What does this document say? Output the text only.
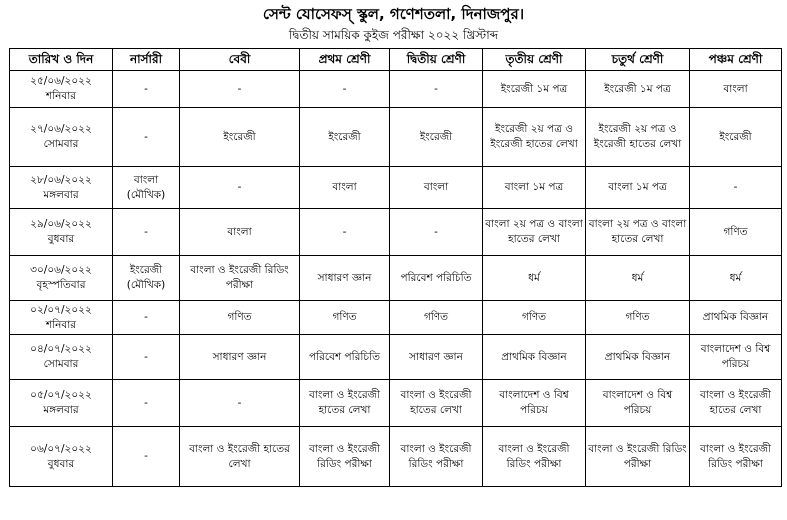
সেন্ট যোসেফস্ স্কুল, গণেশতলা, দিনাজপুর।
দ্বিতীয় সাময়িক কুইজ পরীক্ষা ২০২২ খ্রিস্টাব্দ
তারিখ ও দিন	নার্সারী	বেবী	প্রথম শ্রেণী	দ্বিতীয় শ্রেণী	তৃতীয় শ্রেণী	চতুর্থ শ্রেণী	পঞ্চম শ্রেণী

২৫/০৬/২০২২
শনিবার	-	-	-	-	ইংরেজী ১ম পত্র	ইংরেজী ১ম পত্র	বাংলা

২৭/০৬/২০২২
সোমবার	-	ইংরেজী	ইংরেজী	ইংরেজী	ইংরেজী ২য় পত্র ও ইংরেজী হাতের লেখা	ইংরেজী ২য় পত্র ও ইংরেজী হাতের লেখা	ইংরেজী

২৮/০৬/২০২২
মঙ্গলবার	বাংলা (মৌখিক)	-	বাংলা	বাংলা	বাংলা ১ম পত্র	বাংলা ১ম পত্র	-

২৯/০৬/২০২২
বুধবার	-	বাংলা	-	-	বাংলা ২য় পত্র ও বাংলা হাতের লেখা	বাংলা ২য় পত্র ও বাংলা হাতের লেখা	গণিত

৩০/০৬/২০২২
বৃহস্পতিবার	ইংরেজী (মৌখিক)	বাংলা ও ইংরেজী রিডিং পরীক্ষা	সাধারণ জ্ঞান	পরিবেশ পরিচিতি	ধর্ম	ধর্ম	ধর্ম

০২/০৭/২০২২
শনিবার	-	গণিত	গণিত	গণিত	গণিত	গণিত	প্রাথমিক বিজ্ঞান

০৪/০৭/২০২২
সোমবার	-	সাধারণ জ্ঞান	পরিবেশ পরিচিতি	সাধারণ জ্ঞান	প্রাথমিক বিজ্ঞান	প্রাথমিক বিজ্ঞান	বাংলাদেশ ও বিশ্ব পরিচয়

০৫/০৭/২০২২
মঙ্গলবার	-	-	বাংলা ও ইংরেজী হাতের লেখা	বাংলা ও ইংরেজী হাতের লেখা	বাংলাদেশ ও বিশ্ব পরিচয়	বাংলাদেশ ও বিশ্ব পরিচয়	বাংলা ও ইংরেজী হাতের লেখা

০৬/০৭/২০২২
বুধবার	-	বাংলা ও ইংরেজী হাতের লেখা	বাংলা ও ইংরেজী রিডিং পরীক্ষা	বাংলা ও ইংরেজী রিডিং পরীক্ষা	বাংলা ও ইংরেজী রিডিং পরীক্ষা	বাংলা ও ইংরেজী রিডিং পরীক্ষা	বাংলা ও ইংরেজী রিডিং পরীক্ষা
